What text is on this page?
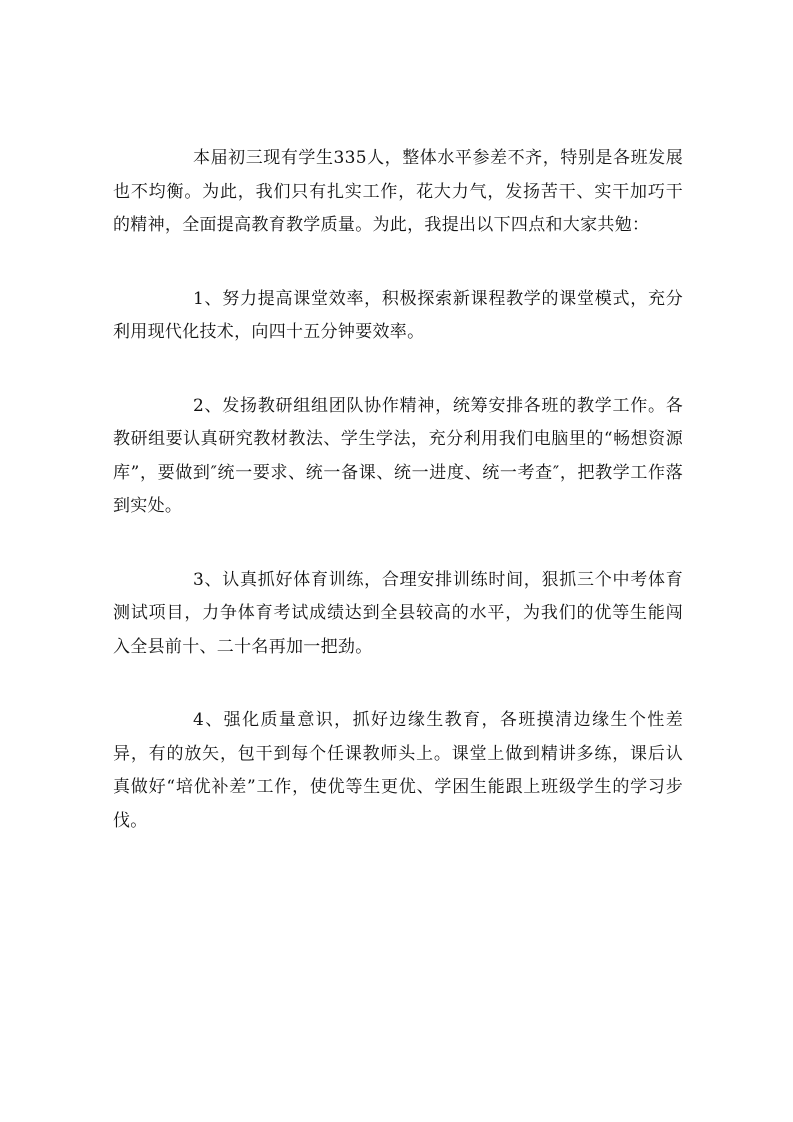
本届初三现有学生335人，整体水平参差不齐，特别是各班发展也不均衡。为此，我们只有扎实工作，花大力气，发扬苦干、实干加巧干的精神，全面提高教育教学质量。为此，我提出以下四点和大家共勉：

1、努力提高课堂效率，积极探索新课程教学的课堂模式，充分利用现代化技术，向四十五分钟要效率。

2、发扬教研组组团队协作精神，统筹安排各班的教学工作。各教研组要认真研究教材教法、学生学法，充分利用我们电脑里的“畅想资源库”，要做到″统一要求、统一备课、统一进度、统一考查″，把教学工作落到实处。

3、认真抓好体育训练，合理安排训练时间，狠抓三个中考体育测试项目，力争体育考试成绩达到全县较高的水平，为我们的优等生能闯入全县前十、二十名再加一把劲。

4、强化质量意识，抓好边缘生教育，各班摸清边缘生个性差异，有的放矢，包干到每个任课教师头上。课堂上做到精讲多练，课后认真做好“培优补差”工作，使优等生更优、学困生能跟上班级学生的学习步伐。
